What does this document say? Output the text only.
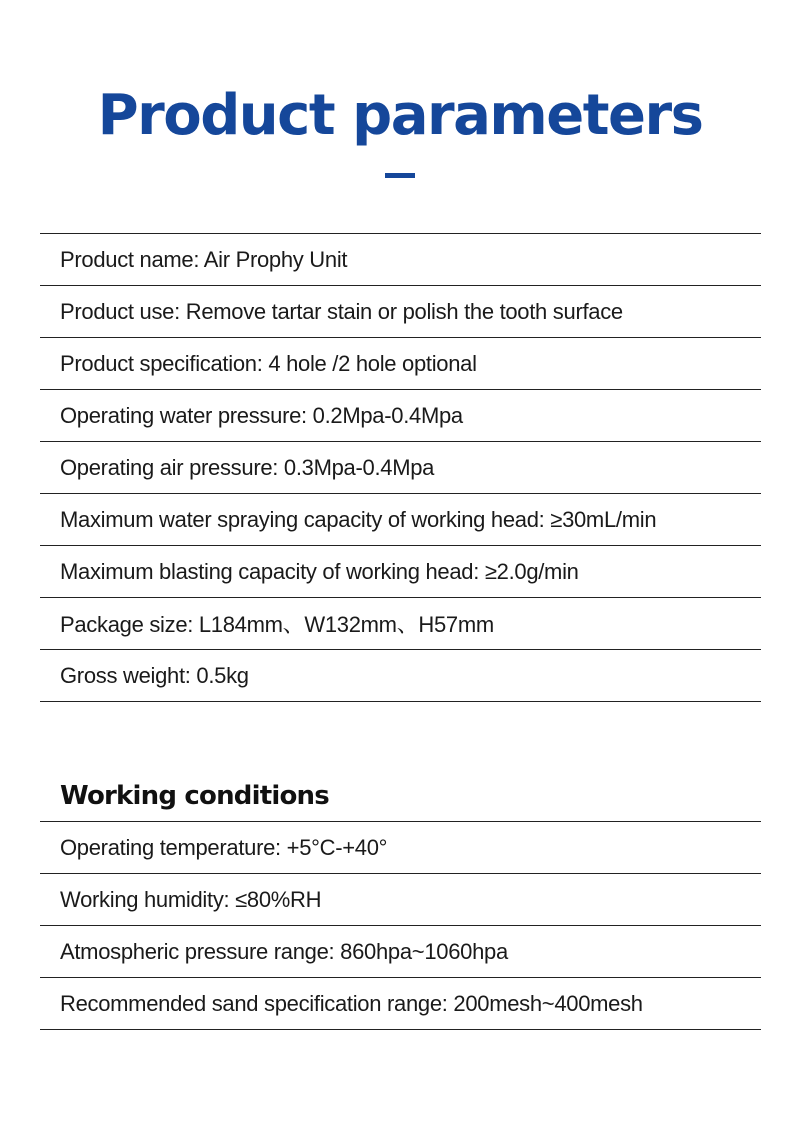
Product parameters
Product name: Air Prophy Unit
Product use: Remove tartar stain or polish the tooth surface
Product specification: 4 hole /2 hole optional
Operating water pressure: 0.2Mpa-0.4Mpa
Operating air pressure: 0.3Mpa-0.4Mpa
Maximum water spraying capacity of working head: ≥30mL/min
Maximum blasting capacity of working head: ≥2.0g/min
Package size: L184mm、W132mm、H57mm
Gross weight: 0.5kg
Working conditions
Operating temperature: +5°C-+40°
Working humidity: ≤80%RH
Atmospheric pressure range: 860hpa~1060hpa
Recommended sand specification range: 200mesh~400mesh
